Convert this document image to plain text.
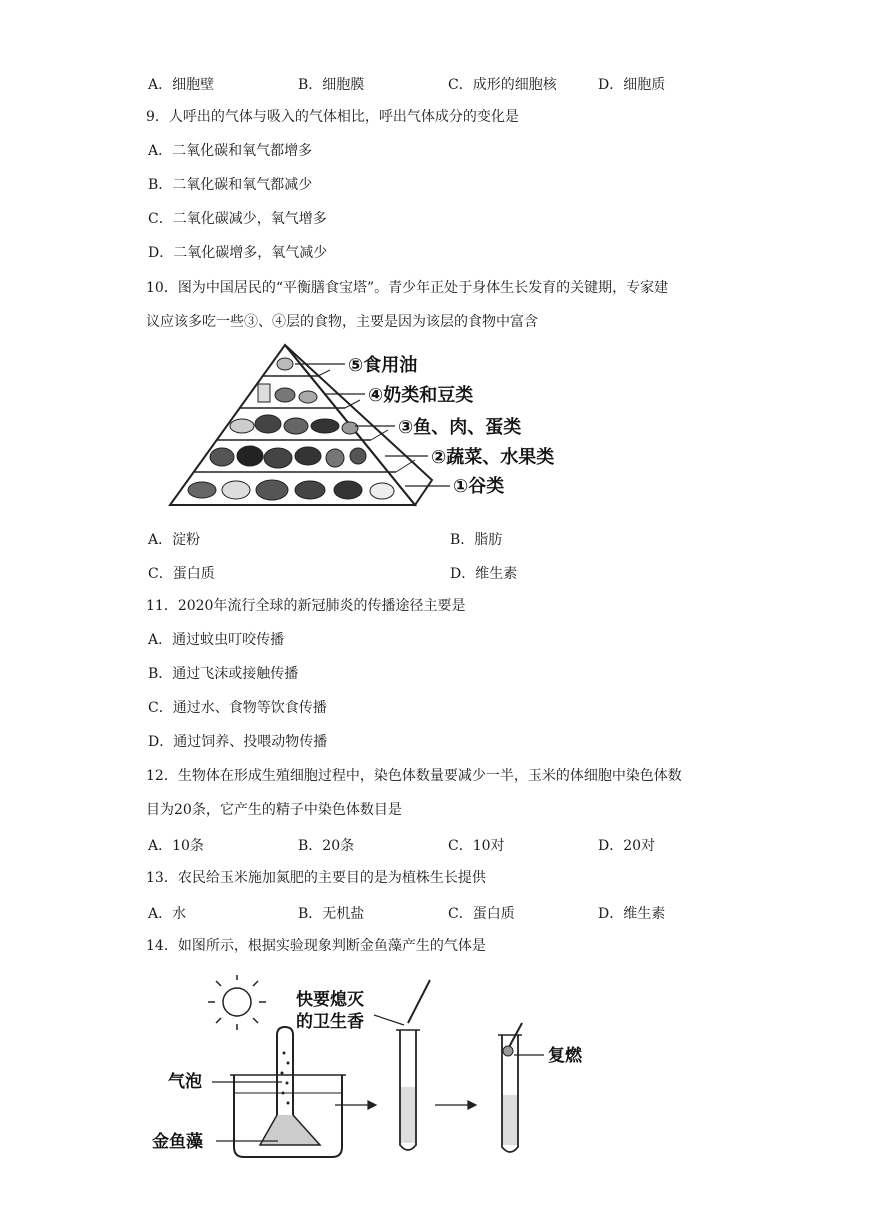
A．细胞壁	B．细胞膜	C．成形的细胞核	D．细胞质
9．人呼出的气体与吸入的气体相比，呼出气体成分的变化是
A．二氧化碳和氧气都增多
B．二氧化碳和氧气都减少
C．二氧化碳减少，氧气增多
D．二氧化碳增多，氧气减少
10．图为中国居民的“平衡膳食宝塔”。青少年正处于身体生长发育的关键期，专家建
议应该多吃一些③、④层的食物，主要是因为该层的食物中富含
⑤食用油
④奶类和豆类
③鱼、肉、蛋类
②蔬菜、水果类
①谷类
A．淀粉	B．脂肪
C．蛋白质	D．维生素
11．2020年流行全球的新冠肺炎的传播途径主要是
A．通过蚊虫叮咬传播
B．通过飞沫或接触传播
C．通过水、食物等饮食传播
D．通过饲养、投喂动物传播
12．生物体在形成生殖细胞过程中，染色体数量要减少一半，玉米的体细胞中染色体数
目为20条，它产生的精子中染色体数目是
A．10条	B．20条	C．10对	D．20对
13．农民给玉米施加氮肥的主要目的是为植株生长提供
A．水	B．无机盐	C．蛋白质	D．维生素
14．如图所示，根据实验现象判断金鱼藻产生的气体是
气泡
金鱼藻
快要熄灭
的卫生香
复燃
